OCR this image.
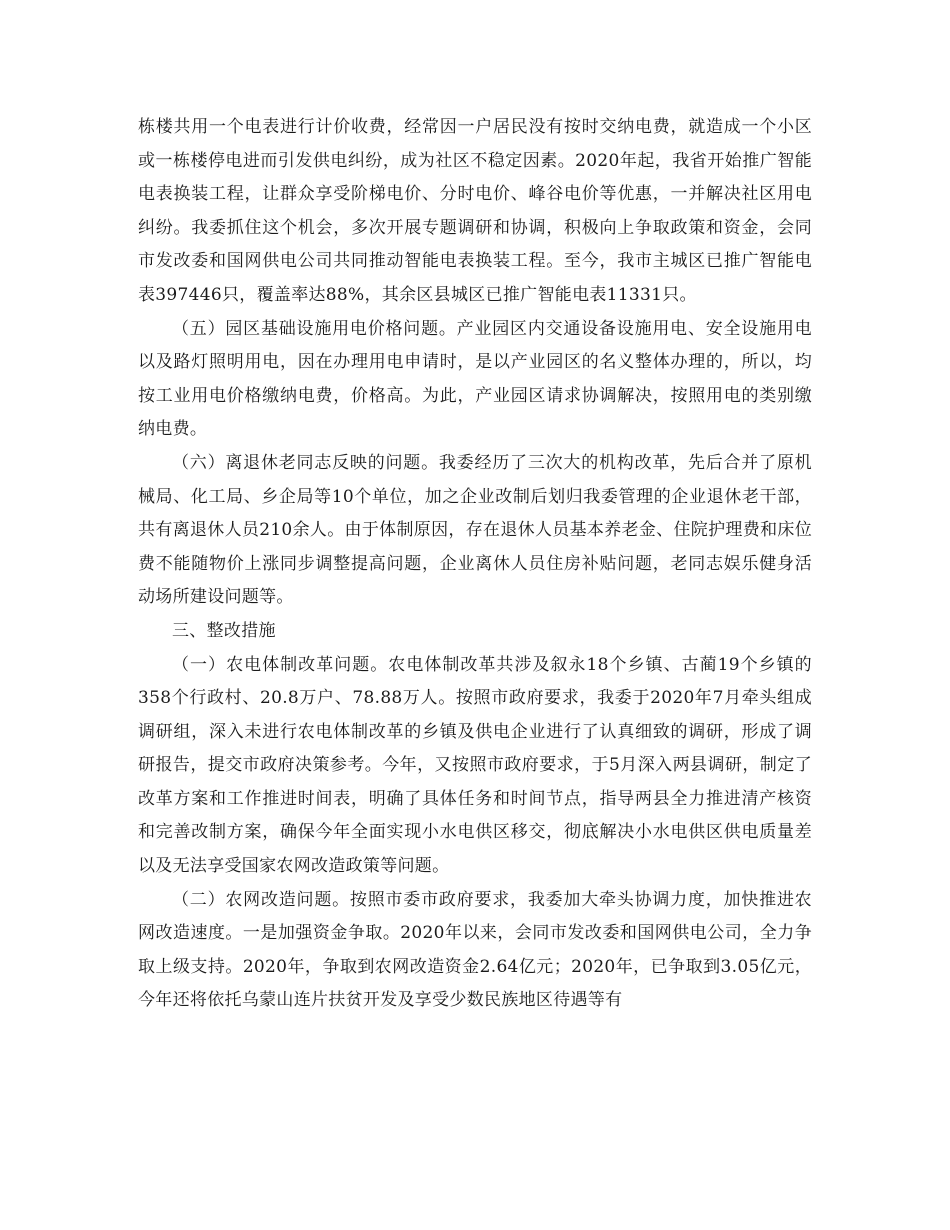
栋楼共用一个电表进行计价收费，经常因一户居民没有按时交纳电费，就造成一个小区或一栋楼停电进而引发供电纠纷，成为社区不稳定因素。2020年起，我省开始推广智能电表换装工程，让群众享受阶梯电价、分时电价、峰谷电价等优惠，一并解决社区用电纠纷。我委抓住这个机会，多次开展专题调研和协调，积极向上争取政策和资金，会同市发改委和国网供电公司共同推动智能电表换装工程。至今，我市主城区已推广智能电表397446只，覆盖率达88%，其余区县城区已推广智能电表11331只。

（五）园区基础设施用电价格问题。产业园区内交通设备设施用电、安全设施用电以及路灯照明用电，因在办理用电申请时，是以产业园区的名义整体办理的，所以，均按工业用电价格缴纳电费，价格高。为此，产业园区请求协调解决，按照用电的类别缴纳电费。

（六）离退休老同志反映的问题。我委经历了三次大的机构改革，先后合并了原机械局、化工局、乡企局等10个单位，加之企业改制后划归我委管理的企业退休老干部，共有离退休人员210余人。由于体制原因，存在退休人员基本养老金、住院护理费和床位费不能随物价上涨同步调整提高问题，企业离休人员住房补贴问题，老同志娱乐健身活动场所建设问题等。

三、整改措施

（一）农电体制改革问题。农电体制改革共涉及叙永18个乡镇、古蔺19个乡镇的358个行政村、20.8万户、78.88万人。按照市政府要求，我委于2020年7月牵头组成调研组，深入未进行农电体制改革的乡镇及供电企业进行了认真细致的调研，形成了调研报告，提交市政府决策参考。今年，又按照市政府要求，于5月深入两县调研，制定了改革方案和工作推进时间表，明确了具体任务和时间节点，指导两县全力推进清产核资和完善改制方案，确保今年全面实现小水电供区移交，彻底解决小水电供区供电质量差以及无法享受国家农网改造政策等问题。

（二）农网改造问题。按照市委市政府要求，我委加大牵头协调力度，加快推进农网改造速度。一是加强资金争取。2020年以来，会同市发改委和国网供电公司，全力争取上级支持。2020年，争取到农网改造资金2.64亿元；2020年，已争取到3.05亿元，今年还将依托乌蒙山连片扶贫开发及享受少数民族地区待遇等有
